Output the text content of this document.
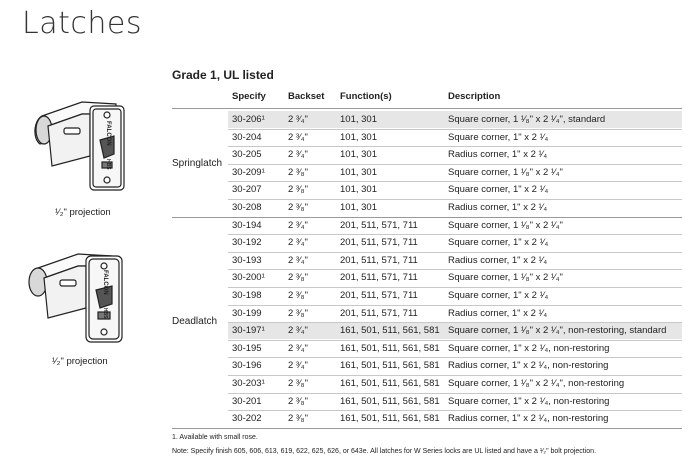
Latches
FALCON
HBS
¹⁄₂" projection
FALCON
HBS
¹⁄₂" projection
Grade 1, UL listed
Specify Backset Function(s)	Description
30-206¹ 2 ³⁄₄"	101, 301	Square corner, 1 ¹⁄₈" x 2 ¹⁄₄", standard
30-204	2 ³⁄₄"	101, 301	Square corner, 1" x 2 ¹⁄₄
30-205	2 ³⁄₄"	101, 301	Radius corner, 1" x 2 ¹⁄₄
30-209¹ 2 ³⁄₈"	101, 301	Square corner, 1 ¹⁄₈" x 2 ¹⁄₄"
30-207	2 ³⁄₈"	101, 301	Square corner, 1" x 2 ¹⁄₄
30-208	2 ³⁄₈"	101, 301	Radius corner, 1" x 2 ¹⁄₄
Springlatch
30-194	2 ³⁄₄"	201, 511, 571, 711	Square corner, 1 ¹⁄₈" x 2 ¹⁄₄"
30-192	2 ³⁄₄"	201, 511, 571, 711	Square corner, 1" x 2 ¹⁄₄
30-193	2 ³⁄₄"	201, 511, 571, 711	Radius corner, 1" x 2 ¹⁄₄
30-200¹ 2 ³⁄₈"	201, 511, 571, 711	Square corner, 1 ¹⁄₈" x 2 ¹⁄₄"
30-198	2 ³⁄₈"	201, 511, 571, 711	Square corner, 1" x 2 ¹⁄₄
30-199	2 ³⁄₈"	201, 511, 571, 711	Radius corner, 1" x 2 ¹⁄₄
30-197¹ 2 ³⁄₄"	161, 501, 511, 561, 581 Square corner, 1 ¹⁄₈" x 2 ¹⁄₄", non-restoring, standard
30-195	2 ³⁄₄"	161, 501, 511, 561, 581 Square corner, 1" x 2 ¹⁄₄, non-restoring
30-196	2 ³⁄₄"	161, 501, 511, 561, 581 Radius corner, 1" x 2 ¹⁄₄, non-restoring
30-203¹ 2 ³⁄₈"	161, 501, 511, 561, 581 Square corner, 1 ¹⁄₈" x 2 ¹⁄₄", non-restoring
30-201	2 ³⁄₈"	161, 501, 511, 561, 581 Square corner, 1" x 2 ¹⁄₄, non-restoring
30-202	2 ³⁄₈"	161, 501, 511, 561, 581 Radius corner, 1" x 2 ¹⁄₄, non-restoring
Deadlatch
1. Available with small rose.
Note: Specify finish 605, 606, 613, 619, 622, 625, 626, or 643e. All latches for W Series locks are UL listed and have a ¹⁄₂" bolt projection.
